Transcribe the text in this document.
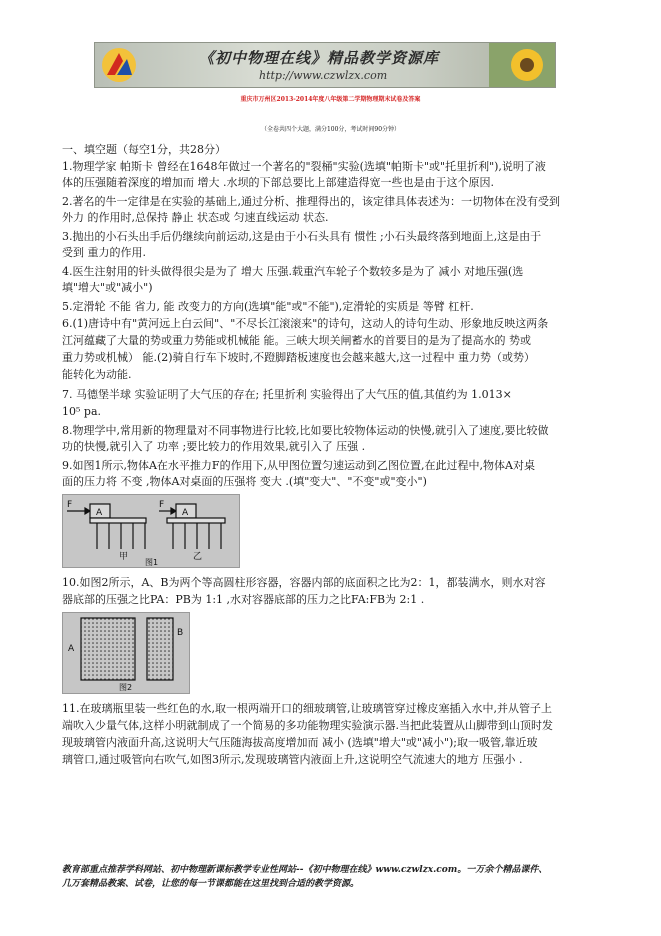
《初中物理在线》精品教学资源库
http://www.czwlzx.com
重庆市万州区2013-2014年度八年级第二学期物理期末试卷及答案
（全卷共四个大题，满分100分，考试时间90分钟）
一、填空题（每空1分，共28分）
1.物理学家 帕斯卡 曾经在1648年做过一个著名的"裂桶"实验(选填"帕斯卡"或"托里折利"),说明了液
体的压强随着深度的增加而 增大 .水坝的下部总要比上部建造得宽一些也是由于这个原因.
2.著名的牛一定律是在实验的基础上,通过分析、推理得出的，该定律具体表述为：一切物体在没有受到
外力 的作用时,总保持 静止 状态或 匀速直线运动 状态.
3.抛出的小石头出手后仍继续向前运动,这是由于小石头具有 惯性 ;小石头最终落到地面上,这是由于
受到 重力的作用.
4.医生注射用的针头做得很尖是为了 增大 压强.载重汽车轮子个数较多是为了 减小 对地压强(选
填"增大"或"减小")
5.定滑轮 不能 省力, 能 改变力的方向(选填"能"或"不能"),定滑轮的实质是 等臂 杠杆.
6.(1)唐诗中有"黄河远上白云间"、"不尽长江滚滚来"的诗句，这动人的诗句生动、形象地反映这两条
江河蕴藏了大量的势或重力势能或机械能 能。三峡大坝关闸蓄水的首要目的是为了提高水的 势或
重力势或机械） 能.(2)骑自行车下坡时,不蹬脚踏板速度也会越来越大,这一过程中 重力势（或势）
能转化为动能.
7. 马德堡半球 实验证明了大气压的存在; 托里折利 实验得出了大气压的值,其值约为 1.013×
10⁵ pa.
8.物理学中,常用新的物理量对不同事物进行比较,比如要比较物体运动的快慢,就引入了速度,要比较做
功的快慢,就引入了 功率 ;要比较力的作用效果,就引入了 压强 .
9.如图1所示,物体A在水平推力F的作用下,从甲图位置匀速运动到乙图位置,在此过程中,物体A对桌
面的压力将 不变 ,物体A对桌面的压强将 变大 .(填"变大"、"不变"或"变小")
F
A
F
A
甲	乙
图1
10.如图2所示，A、B为两个等高圆柱形容器，容器内部的底面积之比为2：1，都装满水，则水对容
器底部的压强之比PA：PB为 1:1 ,水对容器底部的压力之比FA:FB为 2:1 .
A
B
图2
11.在玻璃瓶里装一些红色的水,取一根两端开口的细玻璃管,让玻璃管穿过橡皮塞插入水中,并从管子上
端吹入少量气体,这样小明就制成了一个简易的多功能物理实验演示器.当把此装置从山脚带到山顶时发
现玻璃管内液面升高,这说明大气压随海拔高度增加而 减小 (选填"增大"或"减小");取一吸管,靠近玻
璃管口,通过吸管向右吹气,如图3所示,发现玻璃管内液面上升,这说明空气流速大的地方 压强小 .
教育部重点推荐学科网站、初中物理新课标教学专业性网站--《初中物理在线》www.czwlzx.com。一万余个精品课件、
几万套精品教案、试卷，让您的每一节课都能在这里找到合适的教学资源。
